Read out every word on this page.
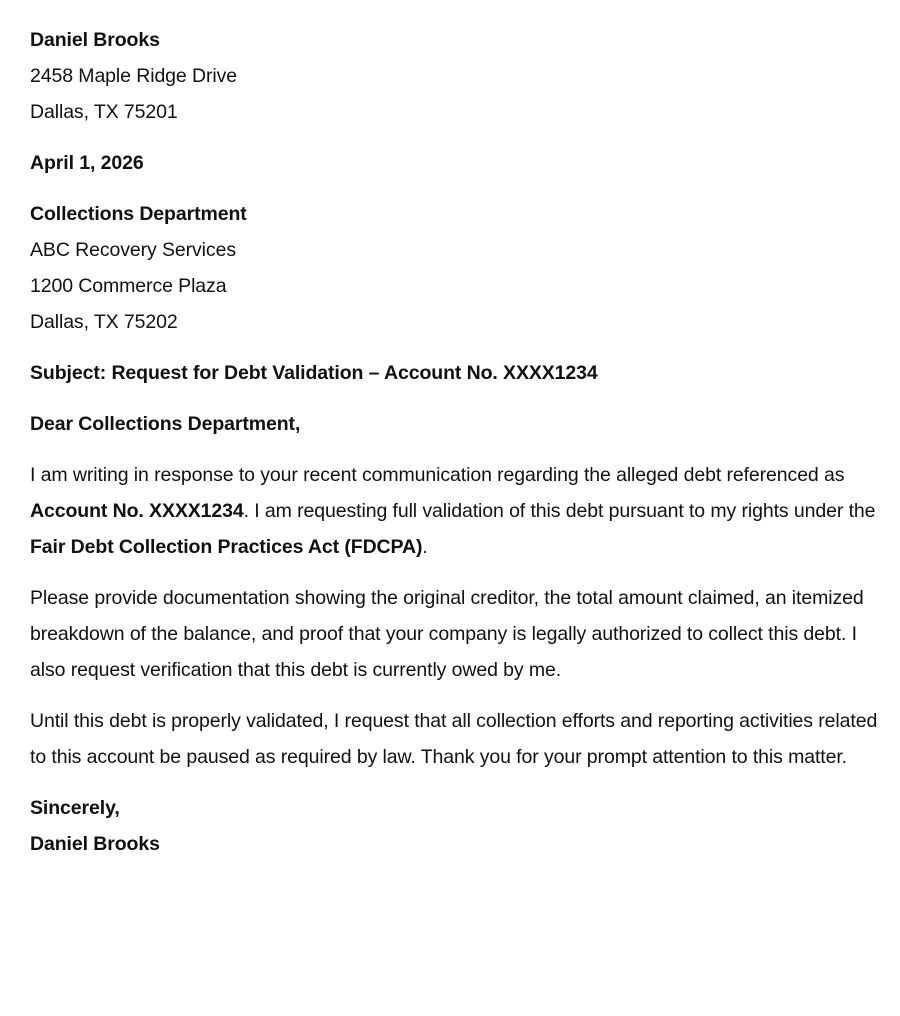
Daniel Brooks
2458 Maple Ridge Drive
Dallas, TX 75201
April 1, 2026
Collections Department
ABC Recovery Services
1200 Commerce Plaza
Dallas, TX 75202
Subject: Request for Debt Validation – Account No. XXXX1234
Dear Collections Department,

I am writing in response to your recent communication regarding the alleged debt referenced as Account No. XXXX1234. I am requesting full validation of this debt pursuant to my rights under the Fair Debt Collection Practices Act (FDCPA).

Please provide documentation showing the original creditor, the total amount claimed, an itemized breakdown of the balance, and proof that your company is legally authorized to collect this debt. I also request verification that this debt is currently owed by me.

Until this debt is properly validated, I request that all collection efforts and reporting activities related to this account be paused as required by law. Thank you for your prompt attention to this matter.

Sincerely,
Daniel Brooks
